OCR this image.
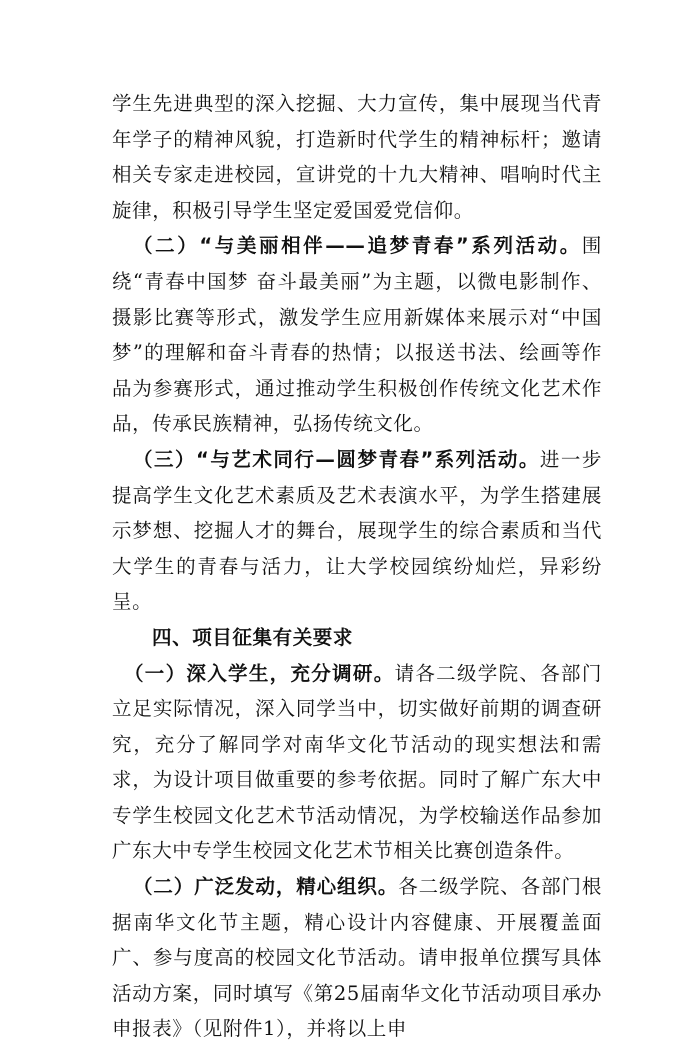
学生先进典型的深入挖掘、大力宣传，集中展现当代青年学子的精神风貌，打造新时代学生的精神标杆；邀请相关专家走进校园，宣讲党的十九大精神、唱响时代主旋律，积极引导学生坚定爱国爱党信仰。

（二）“与美丽相伴——追梦青春”系列活动。围绕“青春中国梦 奋斗最美丽”为主题，以微电影制作、摄影比赛等形式，激发学生应用新媒体来展示对“中国梦”的理解和奋斗青春的热情；以报送书法、绘画等作品为参赛形式，通过推动学生积极创作传统文化艺术作品，传承民族精神，弘扬传统文化。

（三）“与艺术同行—圆梦青春”系列活动。进一步提高学生文化艺术素质及艺术表演水平，为学生搭建展示梦想、挖掘人才的舞台，展现学生的综合素质和当代大学生的青春与活力，让大学校园缤纷灿烂，异彩纷呈。

四、项目征集有关要求

（一）深入学生，充分调研。请各二级学院、各部门立足实际情况，深入同学当中，切实做好前期的调查研究，充分了解同学对南华文化节活动的现实想法和需求，为设计项目做重要的参考依据。同时了解广东大中专学生校园文化艺术节活动情况，为学校输送作品参加广东大中专学生校园文化艺术节相关比赛创造条件。

（二）广泛发动，精心组织。各二级学院、各部门根据南华文化节主题，精心设计内容健康、开展覆盖面广、参与度高的校园文化节活动。请申报单位撰写具体活动方案，同时填写《第25届南华文化节活动项目承办申报表》（见附件1），并将以上申
